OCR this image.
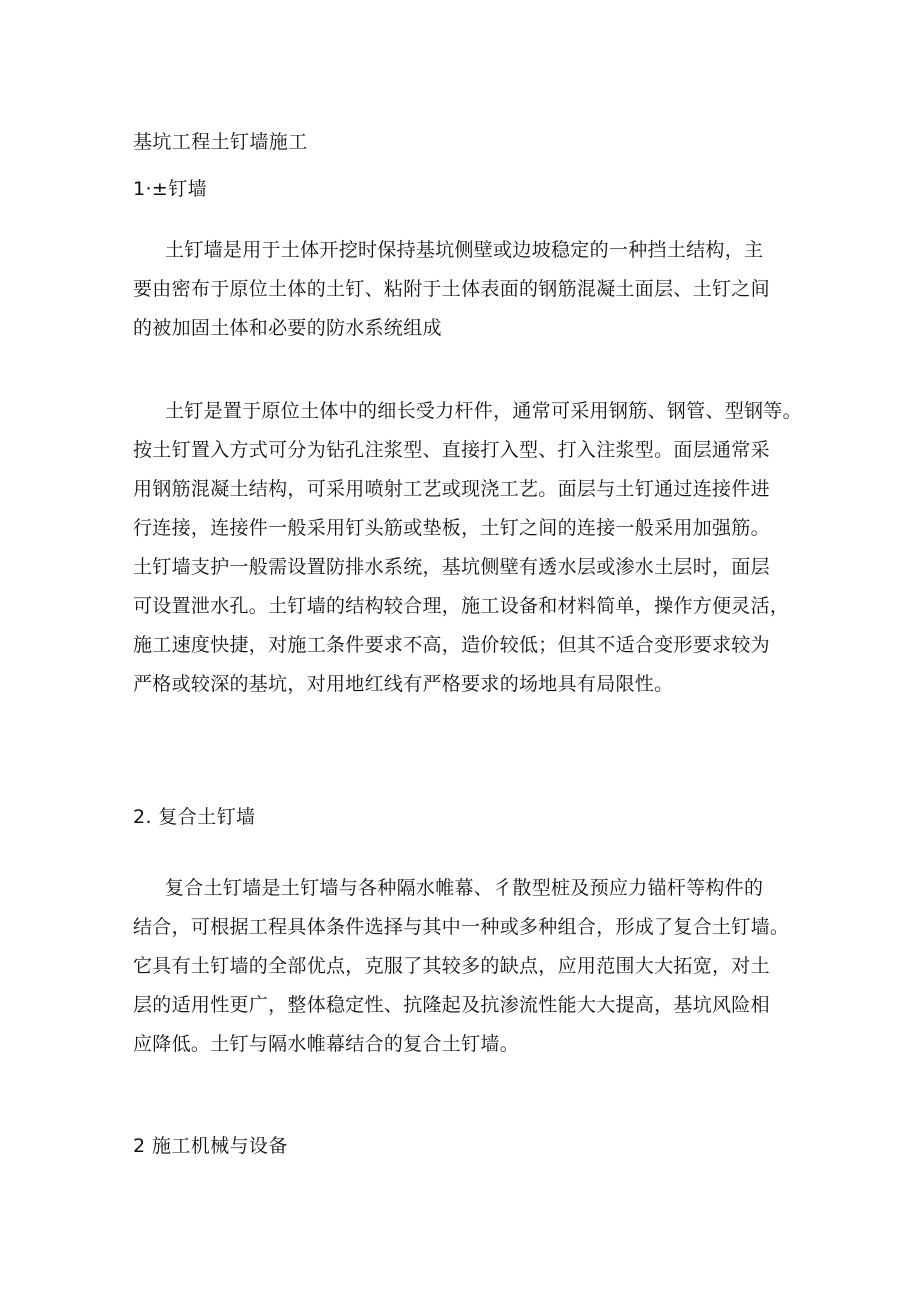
基坑工程土钉墙施工
1·±钉墙
土钉墙是用于土体开挖时保持基坑侧壁或边坡稳定的一种挡土结构，主
要由密布于原位土体的土钉、粘附于土体表面的钢筋混凝土面层、土钉之间
的被加固土体和必要的防水系统组成
土钉是置于原位土体中的细长受力杆件，通常可采用钢筋、钢管、型钢等。
按土钉置入方式可分为钻孔注浆型、直接打入型、打入注浆型。面层通常采
用钢筋混凝土结构，可采用喷射工艺或现浇工艺。面层与土钉通过连接件进
行连接，连接件一般采用钉头筋或垫板，土钉之间的连接一般采用加强筋。
土钉墙支护一般需设置防排水系统，基坑侧壁有透水层或渗水土层时，面层
可设置泄水孔。土钉墙的结构较合理，施工设备和材料简单，操作方便灵活，
施工速度快捷，对施工条件要求不高，造价较低；但其不适合变形要求较为
严格或较深的基坑，对用地红线有严格要求的场地具有局限性。
2. 复合土钉墙
复合土钉墙是土钉墙与各种隔水帷幕、彳散型桩及预应力锚杆等构件的
结合，可根据工程具体条件选择与其中一种或多种组合，形成了复合土钉墙。
它具有土钉墙的全部优点，克服了其较多的缺点，应用范围大大拓宽，对土
层的适用性更广，整体稳定性、抗隆起及抗渗流性能大大提高，基坑风险相
应降低。土钉与隔水帷幕结合的复合土钉墙。
2 施工机械与设备
